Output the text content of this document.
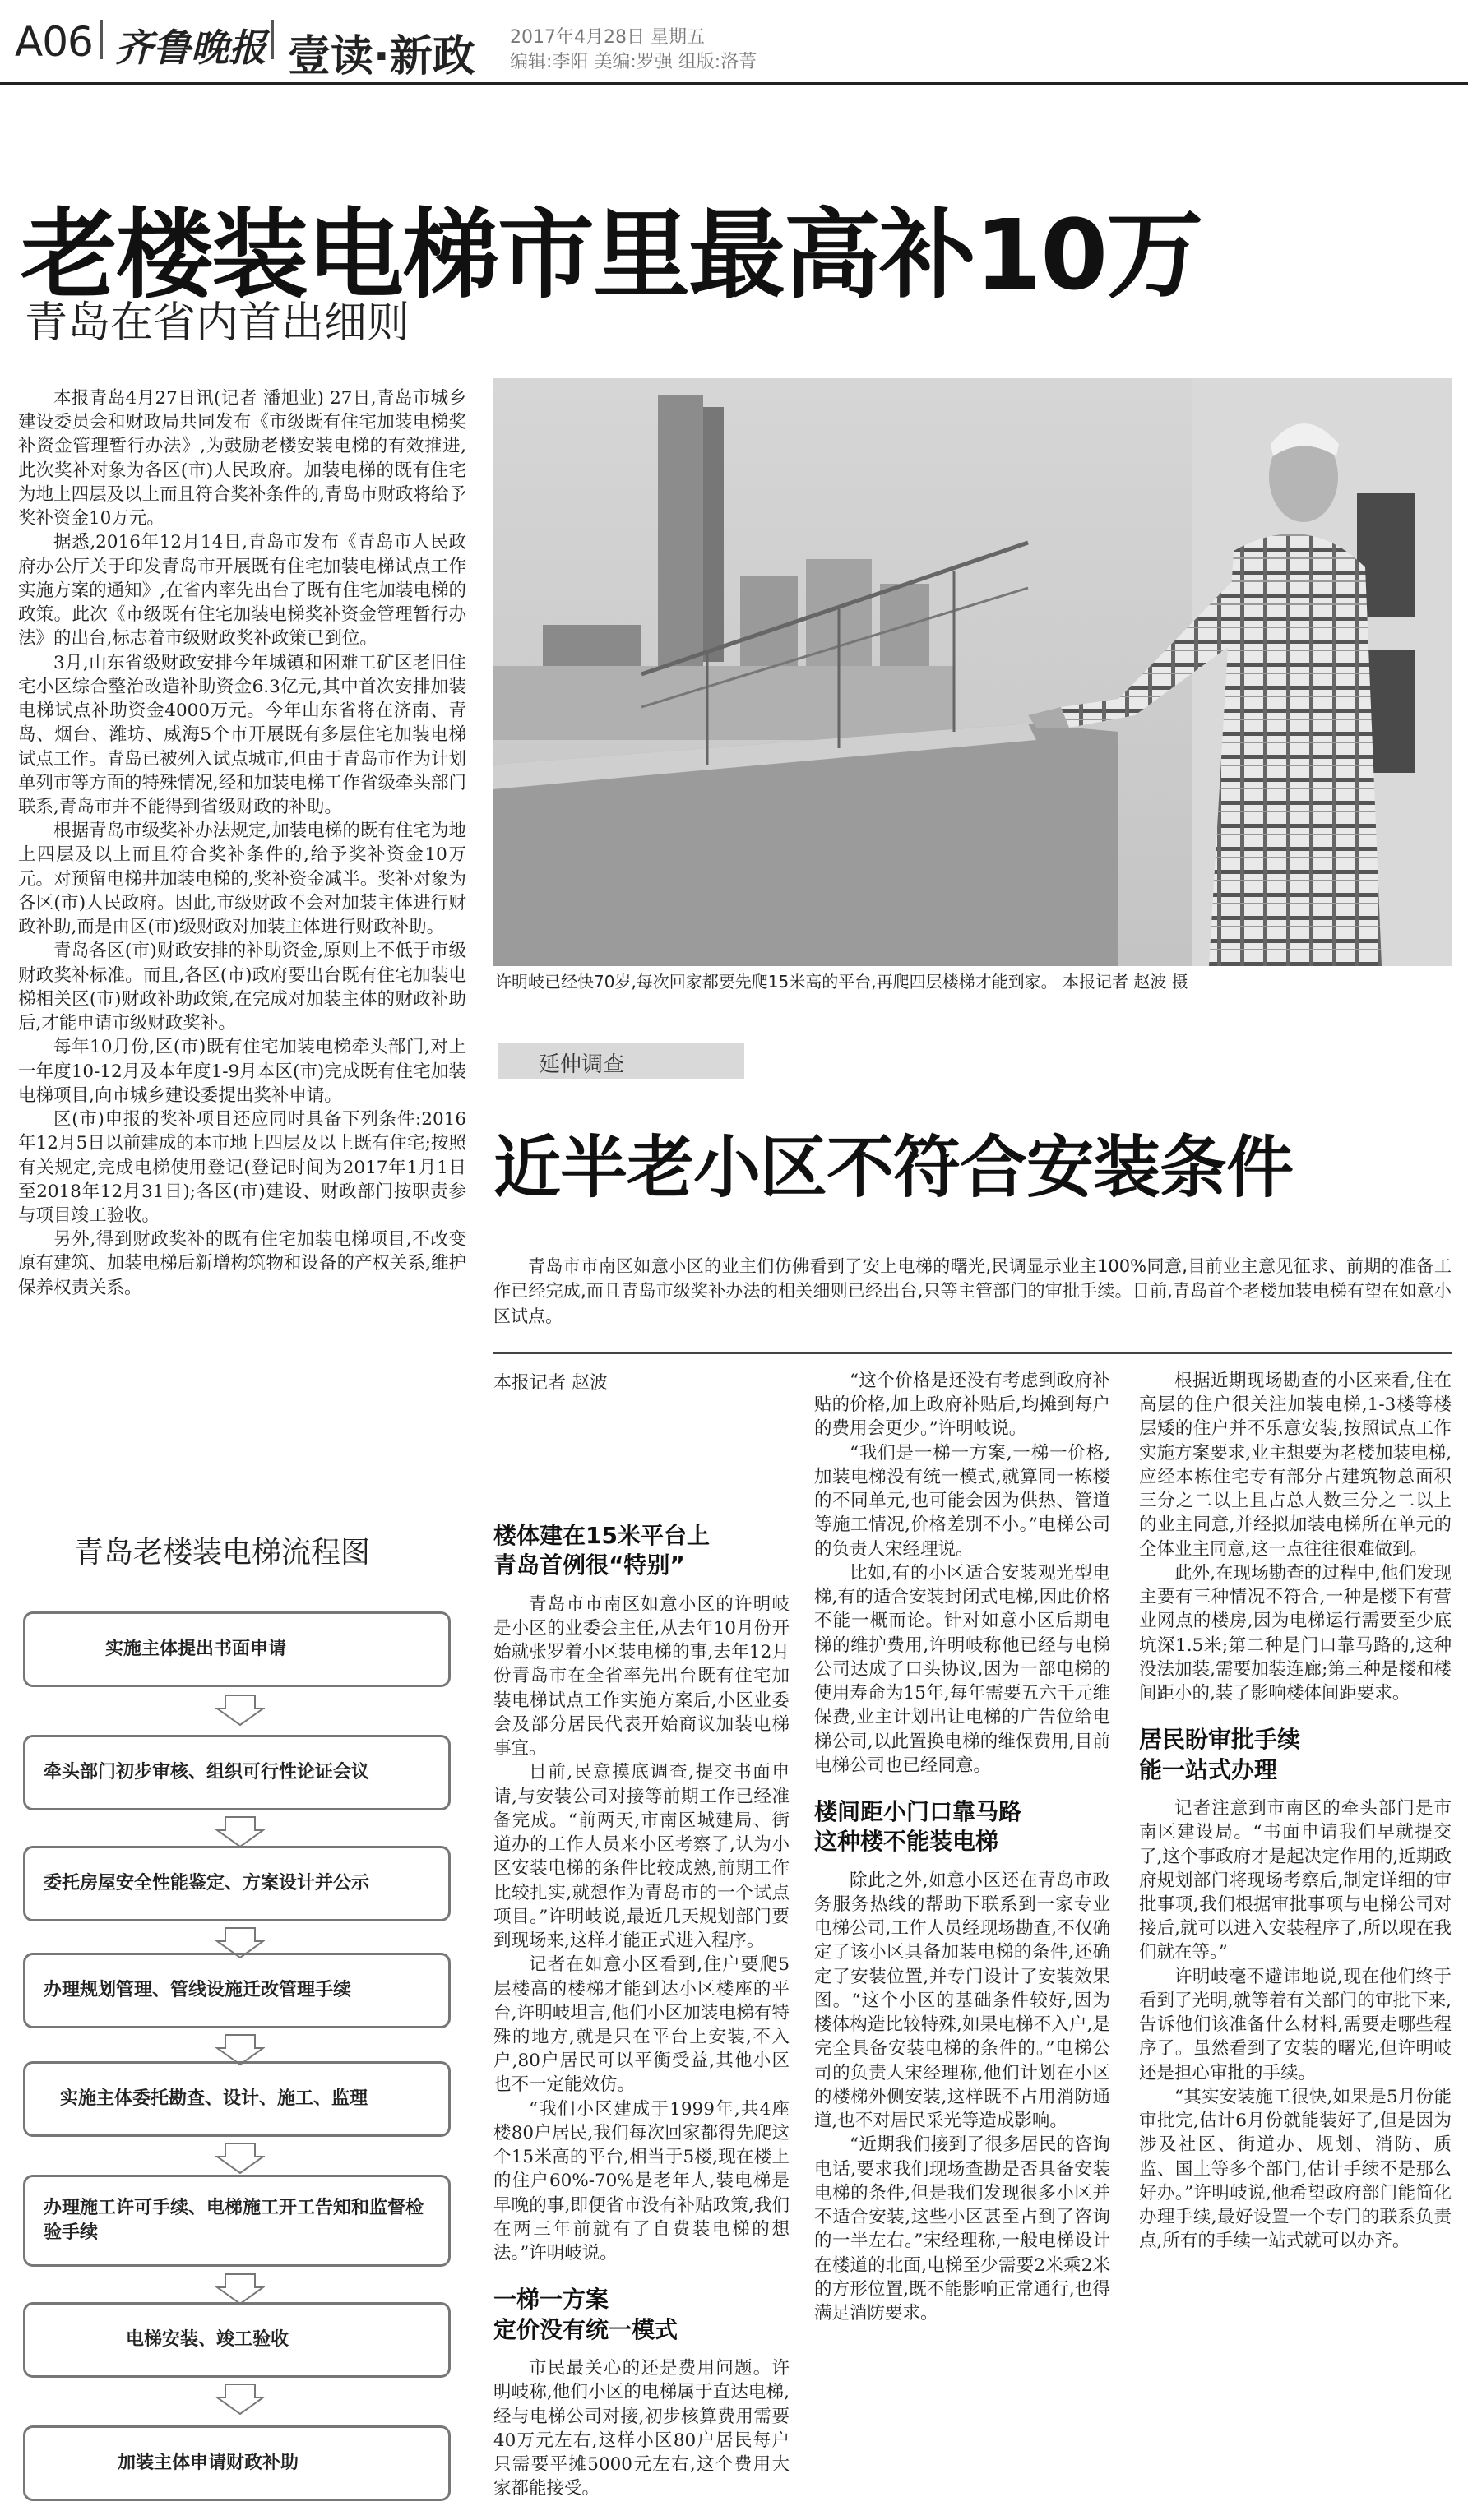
A06 齐鲁晚报 壹读·新政 2017年4月28日 星期五
编辑:李阳 美编:罗强 组版:洛菁
老楼装电梯市里最高补10万
青岛在省内首出细则

本报青岛4月27日讯(记者 潘旭业) 27日,青岛市城乡建设委员会和财政局共同发布《市级既有住宅加装电梯奖补资金管理暂行办法》,为鼓励老楼安装电梯的有效推进,此次奖补对象为各区(市)人民政府。加装电梯的既有住宅为地上四层及以上而且符合奖补条件的,青岛市财政将给予奖补资金10万元。

据悉,2016年12月14日,青岛市发布《青岛市人民政府办公厅关于印发青岛市开展既有住宅加装电梯试点工作实施方案的通知》,在省内率先出台了既有住宅加装电梯的政策。此次《市级既有住宅加装电梯奖补资金管理暂行办法》的出台,标志着市级财政奖补政策已到位。

3月,山东省级财政安排今年城镇和困难工矿区老旧住宅小区综合整治改造补助资金6.3亿元,其中首次安排加装电梯试点补助资金4000万元。今年山东省将在济南、青岛、烟台、潍坊、威海5个市开展既有多层住宅加装电梯试点工作。青岛已被列入试点城市,但由于青岛市作为计划单列市等方面的特殊情况,经和加装电梯工作省级牵头部门联系,青岛市并不能得到省级财政的补助。

根据青岛市级奖补办法规定,加装电梯的既有住宅为地上四层及以上而且符合奖补条件的,给予奖补资金10万元。对预留电梯井加装电梯的,奖补资金减半。奖补对象为各区(市)人民政府。因此,市级财政不会对加装主体进行财政补助,而是由区(市)级财政对加装主体进行财政补助。

青岛各区(市)财政安排的补助资金,原则上不低于市级财政奖补标准。而且,各区(市)政府要出台既有住宅加装电梯相关区(市)财政补助政策,在完成对加装主体的财政补助后,才能申请市级财政奖补。

每年10月份,区(市)既有住宅加装电梯牵头部门,对上一年度10-12月及本年度1-9月本区(市)完成既有住宅加装电梯项目,向市城乡建设委提出奖补申请。

区(市)申报的奖补项目还应同时具备下列条件:2016年12月5日以前建成的本市地上四层及以上既有住宅;按照有关规定,完成电梯使用登记(登记时间为2017年1月1日至2018年12月31日);各区(市)建设、财政部门按职责参与项目竣工验收。

另外,得到财政奖补的既有住宅加装电梯项目,不改变原有建筑、加装电梯后新增构筑物和设备的产权关系,维护保养权责关系。

青岛老楼装电梯流程图
实施主体提出书面申请
牵头部门初步审核、组织可行性论证会议
委托房屋安全性能鉴定、方案设计并公示
办理规划管理、管线设施迁改管理手续
实施主体委托勘查、设计、施工、监理
办理施工许可手续、电梯施工开工告知和监督检验手续
电梯安装、竣工验收
加装主体申请财政补助
许明岐已经快70岁,每次回家都要先爬15米高的平台,再爬四层楼梯才能到家。 本报记者 赵波 摄
延伸调查
近半老小区不符合安装条件
青岛市市南区如意小区的业主们仿佛看到了安上电梯的曙光,民调显示业主100%同意,目前业主意见征求、前期的准备工作已经完成,而且青岛市级奖补办法的相关细则已经出台,只等主管部门的审批手续。目前,青岛首个老楼加装电梯有望在如意小区试点。
本报记者 赵波
楼体建在15米平台上
青岛首例很“特别”

青岛市市南区如意小区的许明岐是小区的业委会主任,从去年10月份开始就张罗着小区装电梯的事,去年12月份青岛市在全省率先出台既有住宅加装电梯试点工作实施方案后,小区业委会及部分居民代表开始商议加装电梯事宜。

目前,民意摸底调查,提交书面申请,与安装公司对接等前期工作已经准备完成。“前两天,市南区城建局、街道办的工作人员来小区考察了,认为小区安装电梯的条件比较成熟,前期工作比较扎实,就想作为青岛市的一个试点项目。”许明岐说,最近几天规划部门要到现场来,这样才能正式进入程序。

记者在如意小区看到,住户要爬5层楼高的楼梯才能到达小区楼座的平台,许明岐坦言,他们小区加装电梯有特殊的地方,就是只在平台上安装,不入户,80户居民可以平衡受益,其他小区也不一定能效仿。

“我们小区建成于1999年,共4座楼80户居民,我们每次回家都得先爬这个15米高的平台,相当于5楼,现在楼上的住户60%-70%是老年人,装电梯是早晚的事,即便省市没有补贴政策,我们在两三年前就有了自费装电梯的想法。”许明岐说。

一梯一方案
定价没有统一模式

市民最关心的还是费用问题。许明岐称,他们小区的电梯属于直达电梯,经与电梯公司对接,初步核算费用需要40万元左右,这样小区80户居民每户只需要平摊5000元左右,这个费用大家都能接受。

“这个价格是还没有考虑到政府补贴的价格,加上政府补贴后,均摊到每户的费用会更少。”许明岐说。

“我们是一梯一方案,一梯一价格,加装电梯没有统一模式,就算同一栋楼的不同单元,也可能会因为供热、管道等施工情况,价格差别不小。”电梯公司的负责人宋经理说。

比如,有的小区适合安装观光型电梯,有的适合安装封闭式电梯,因此价格不能一概而论。针对如意小区后期电梯的维护费用,许明岐称他已经与电梯公司达成了口头协议,因为一部电梯的使用寿命为15年,每年需要五六千元维保费,业主计划出让电梯的广告位给电梯公司,以此置换电梯的维保费用,目前电梯公司也已经同意。

楼间距小门口靠马路
这种楼不能装电梯

除此之外,如意小区还在青岛市政务服务热线的帮助下联系到一家专业电梯公司,工作人员经现场勘查,不仅确定了该小区具备加装电梯的条件,还确定了安装位置,并专门设计了安装效果图。“这个小区的基础条件较好,因为楼体构造比较特殊,如果电梯不入户,是完全具备安装电梯的条件的。”电梯公司的负责人宋经理称,他们计划在小区的楼梯外侧安装,这样既不占用消防通道,也不对居民采光等造成影响。

“近期我们接到了很多居民的咨询电话,要求我们现场查勘是否具备安装电梯的条件,但是我们发现很多小区并不适合安装,这些小区甚至占到了咨询的一半左右。”宋经理称,一般电梯设计在楼道的北面,电梯至少需要2米乘2米的方形位置,既不能影响正常通行,也得满足消防要求。

根据近期现场勘查的小区来看,住在高层的住户很关注加装电梯,1-3楼等楼层矮的住户并不乐意安装,按照试点工作实施方案要求,业主想要为老楼加装电梯,应经本栋住宅专有部分占建筑物总面积三分之二以上且占总人数三分之二以上的业主同意,并经拟加装电梯所在单元的全体业主同意,这一点往往很难做到。

此外,在现场勘查的过程中,他们发现主要有三种情况不符合,一种是楼下有营业网点的楼房,因为电梯运行需要至少底坑深1.5米;第二种是门口靠马路的,这种没法加装,需要加装连廊;第三种是楼和楼间距小的,装了影响楼体间距要求。

居民盼审批手续
能一站式办理

记者注意到市南区的牵头部门是市南区建设局。“书面申请我们早就提交了,这个事政府才是起决定作用的,近期政府规划部门将现场考察后,制定详细的审批事项,我们根据审批事项与电梯公司对接后,就可以进入安装程序了,所以现在我们就在等。”

许明岐毫不避讳地说,现在他们终于看到了光明,就等着有关部门的审批下来,告诉他们该准备什么材料,需要走哪些程序了。虽然看到了安装的曙光,但许明岐还是担心审批的手续。

“其实安装施工很快,如果是5月份能审批完,估计6月份就能装好了,但是因为涉及社区、街道办、规划、消防、质监、国土等多个部门,估计手续不是那么好办。”许明岐说,他希望政府部门能简化办理手续,最好设置一个专门的联系负责点,所有的手续一站式就可以办齐。
